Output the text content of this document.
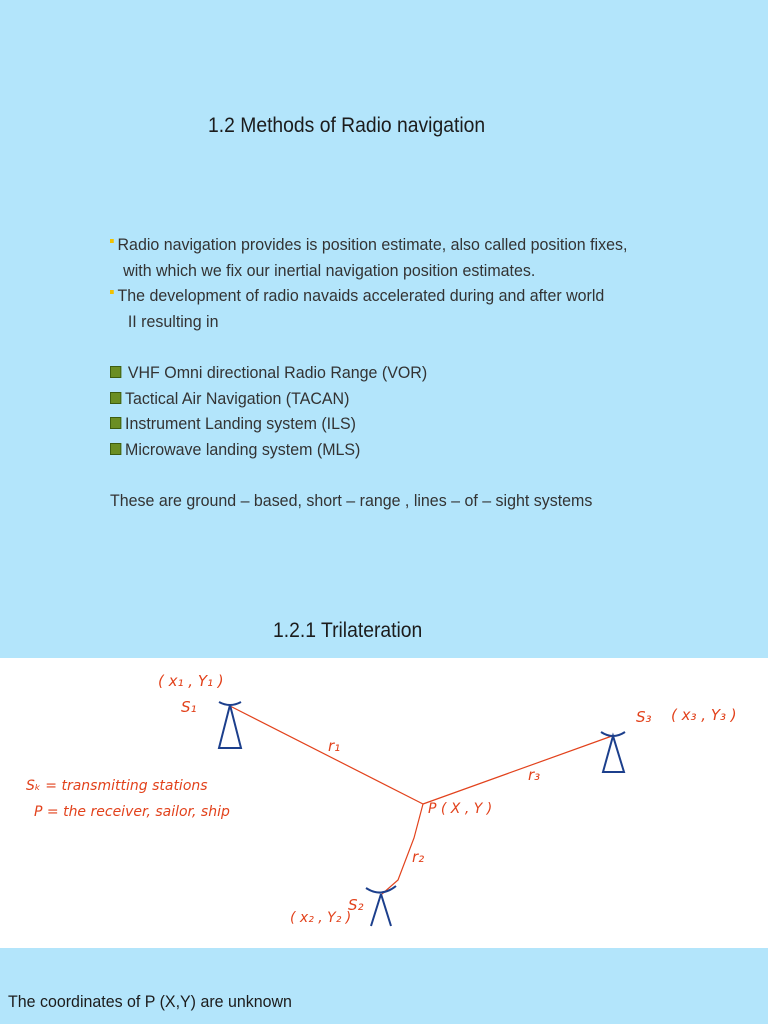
1.2 Methods of Radio navigation
Radio navigation provides is position estimate, also called position fixes,
with which we fix our inertial navigation position estimates.
The development of radio navaids accelerated during and after world
II resulting in
VHF Omni directional Radio Range (VOR)
Tactical Air Navigation (TACAN)
Instrument Landing system (ILS)
Microwave landing system (MLS)
These are ground – based, short – range , lines – of – sight systems
1.2.1 Trilateration
( x₁ , Y₁ )
S₁
r₁
S₃ ( x₃ , Y₃ )
r₃
P ( X , Y )
r₂
S₂
( x₂ , Y₂ )
Sₖ = transmitting stations
P = the receiver, sailor, ship
The coordinates of P (X,Y) are unknown
